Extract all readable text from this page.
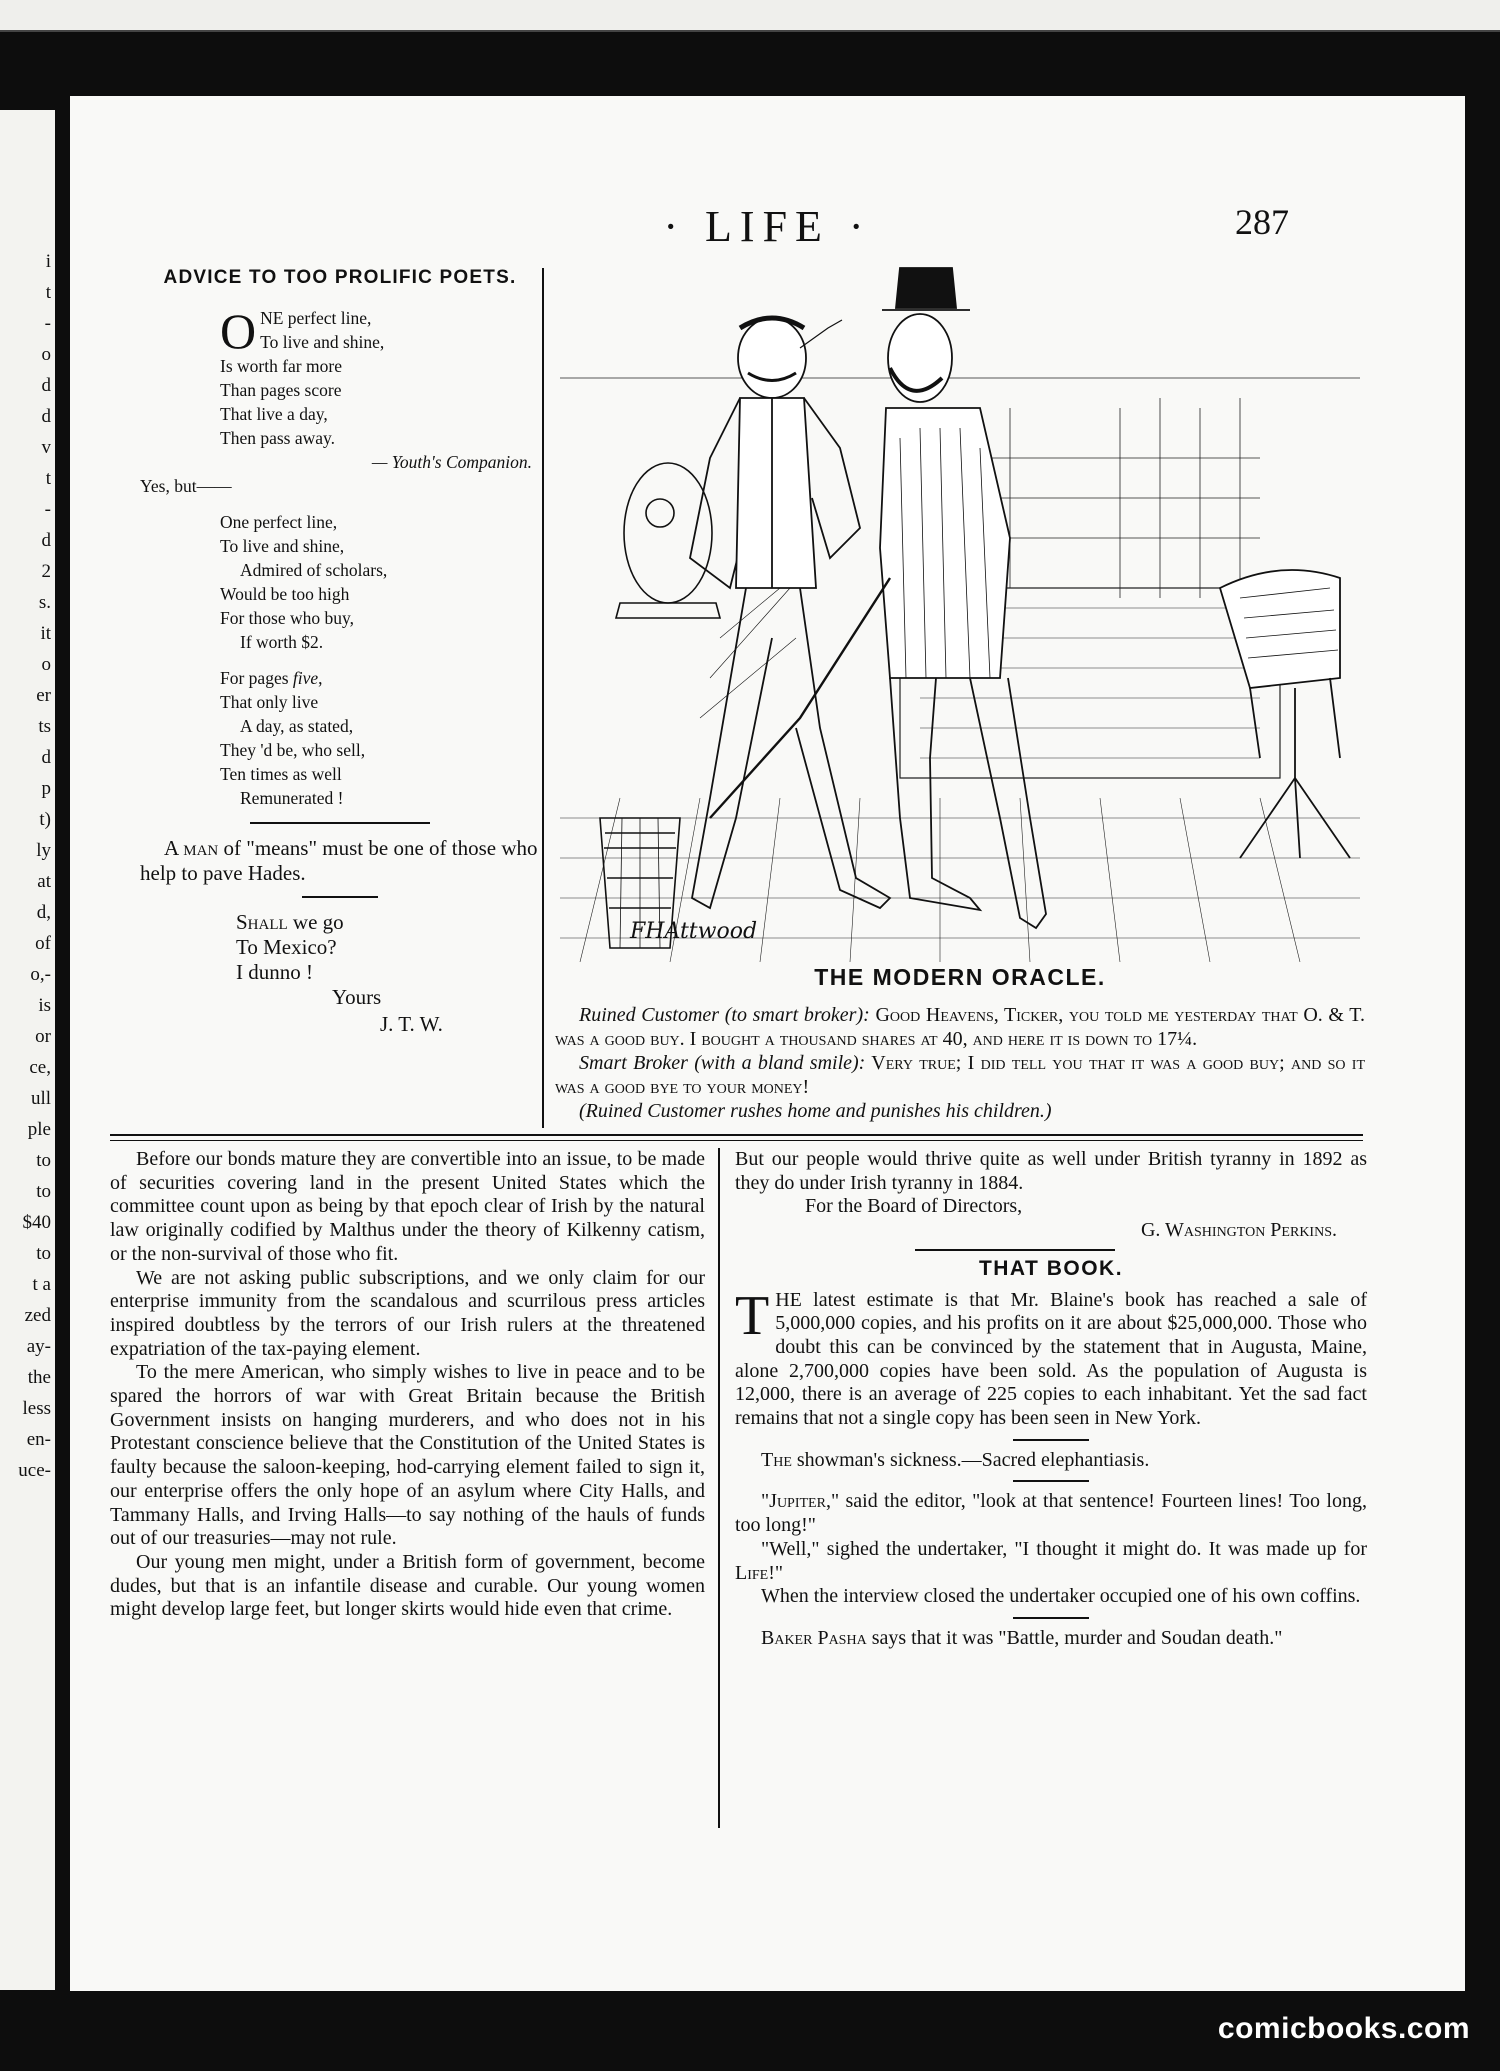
i
t
-
o
d
d
v
t
-
d
2
s.
it
o
er
ts
d
p
t)
ly
at
d,
of
o,-
is
or
ce,
ull
ple
to
to
$40
to
t a
zed
ay-
the
less
en-
uce-
· LIFE ·	287
ADVICE TO TOO PROLIFIC POETS.
O NE perfect line,
To live and shine,
Is worth far more
Than pages score
That live a day,
Then pass away.
— Youth's Companion.
Yes, but——
One perfect line,
To live and shine,
Admired of scholars,
Would be too high
For those who buy,
If worth $2.
For pages five,
That only live
A day, as stated,
They 'd be, who sell,
Ten times as well
Remunerated !
A man of "means" must be one of those who help to pave Hades.
Shall we go
To Mexico?
I dunno !
Yours
J. T. W.
FHAttwood
THE MODERN ORACLE.

Ruined Customer (to smart broker): Good Heavens, Ticker, you told me yesterday that O. & T. was a good buy. I bought a thousand shares at 40, and here it is down to 17¼.

Smart Broker (with a bland smile): Very true; I did tell you that it was a good buy; and so it was a good bye to your money!

(Ruined Customer rushes home and punishes his children.)

Before our bonds mature they are convertible into an issue, to be made of securities covering land in the present United States which the committee count upon as being by that epoch clear of Irish by the natural law originally codified by Malthus under the theory of Kilkenny catism, or the non-survival of those who fit.

We are not asking public subscriptions, and we only claim for our enterprise immunity from the scandalous and scurrilous press articles inspired doubtless by the terrors of our Irish rulers at the threatened expatriation of the tax-paying element.

To the mere American, who simply wishes to live in peace and to be spared the horrors of war with Great Britain because the British Government insists on hanging murderers, and who does not in his Protestant conscience believe that the Constitution of the United States is faulty because the saloon-keeping, hod-carrying element failed to sign it, our enterprise offers the only hope of an asylum where City Halls, and Tammany Halls, and Irving Halls—to say nothing of the hauls of funds out of our treasuries—may not rule.

Our young men might, under a British form of government, become dudes, but that is an infantile disease and curable. Our young women might develop large feet, but longer skirts would hide even that crime.

But our people would thrive quite as well under British tyranny in 1892 as they do under Irish tyranny in 1884.

For the Board of Directors,

G. Washington Perkins.

THAT BOOK.

THE latest estimate is that Mr. Blaine's book has reached a sale of 5,000,000 copies, and his profits on it are about $25,000,000. Those who doubt this can be convinced by the statement that in Augusta, Maine, alone 2,700,000 copies have been sold. As the population of Augusta is 12,000, there is an average of 225 copies to each inhabitant. Yet the sad fact remains that not a single copy has been seen in New York.

The showman's sickness.—Sacred elephantiasis.

"Jupiter," said the editor, "look at that sentence! Fourteen lines! Too long, too long!"

"Well," sighed the undertaker, "I thought it might do. It was made up for Life!"

When the interview closed the undertaker occupied one of his own coffins.

Baker Pasha says that it was "Battle, murder and Soudan death."

comicbooks.com
